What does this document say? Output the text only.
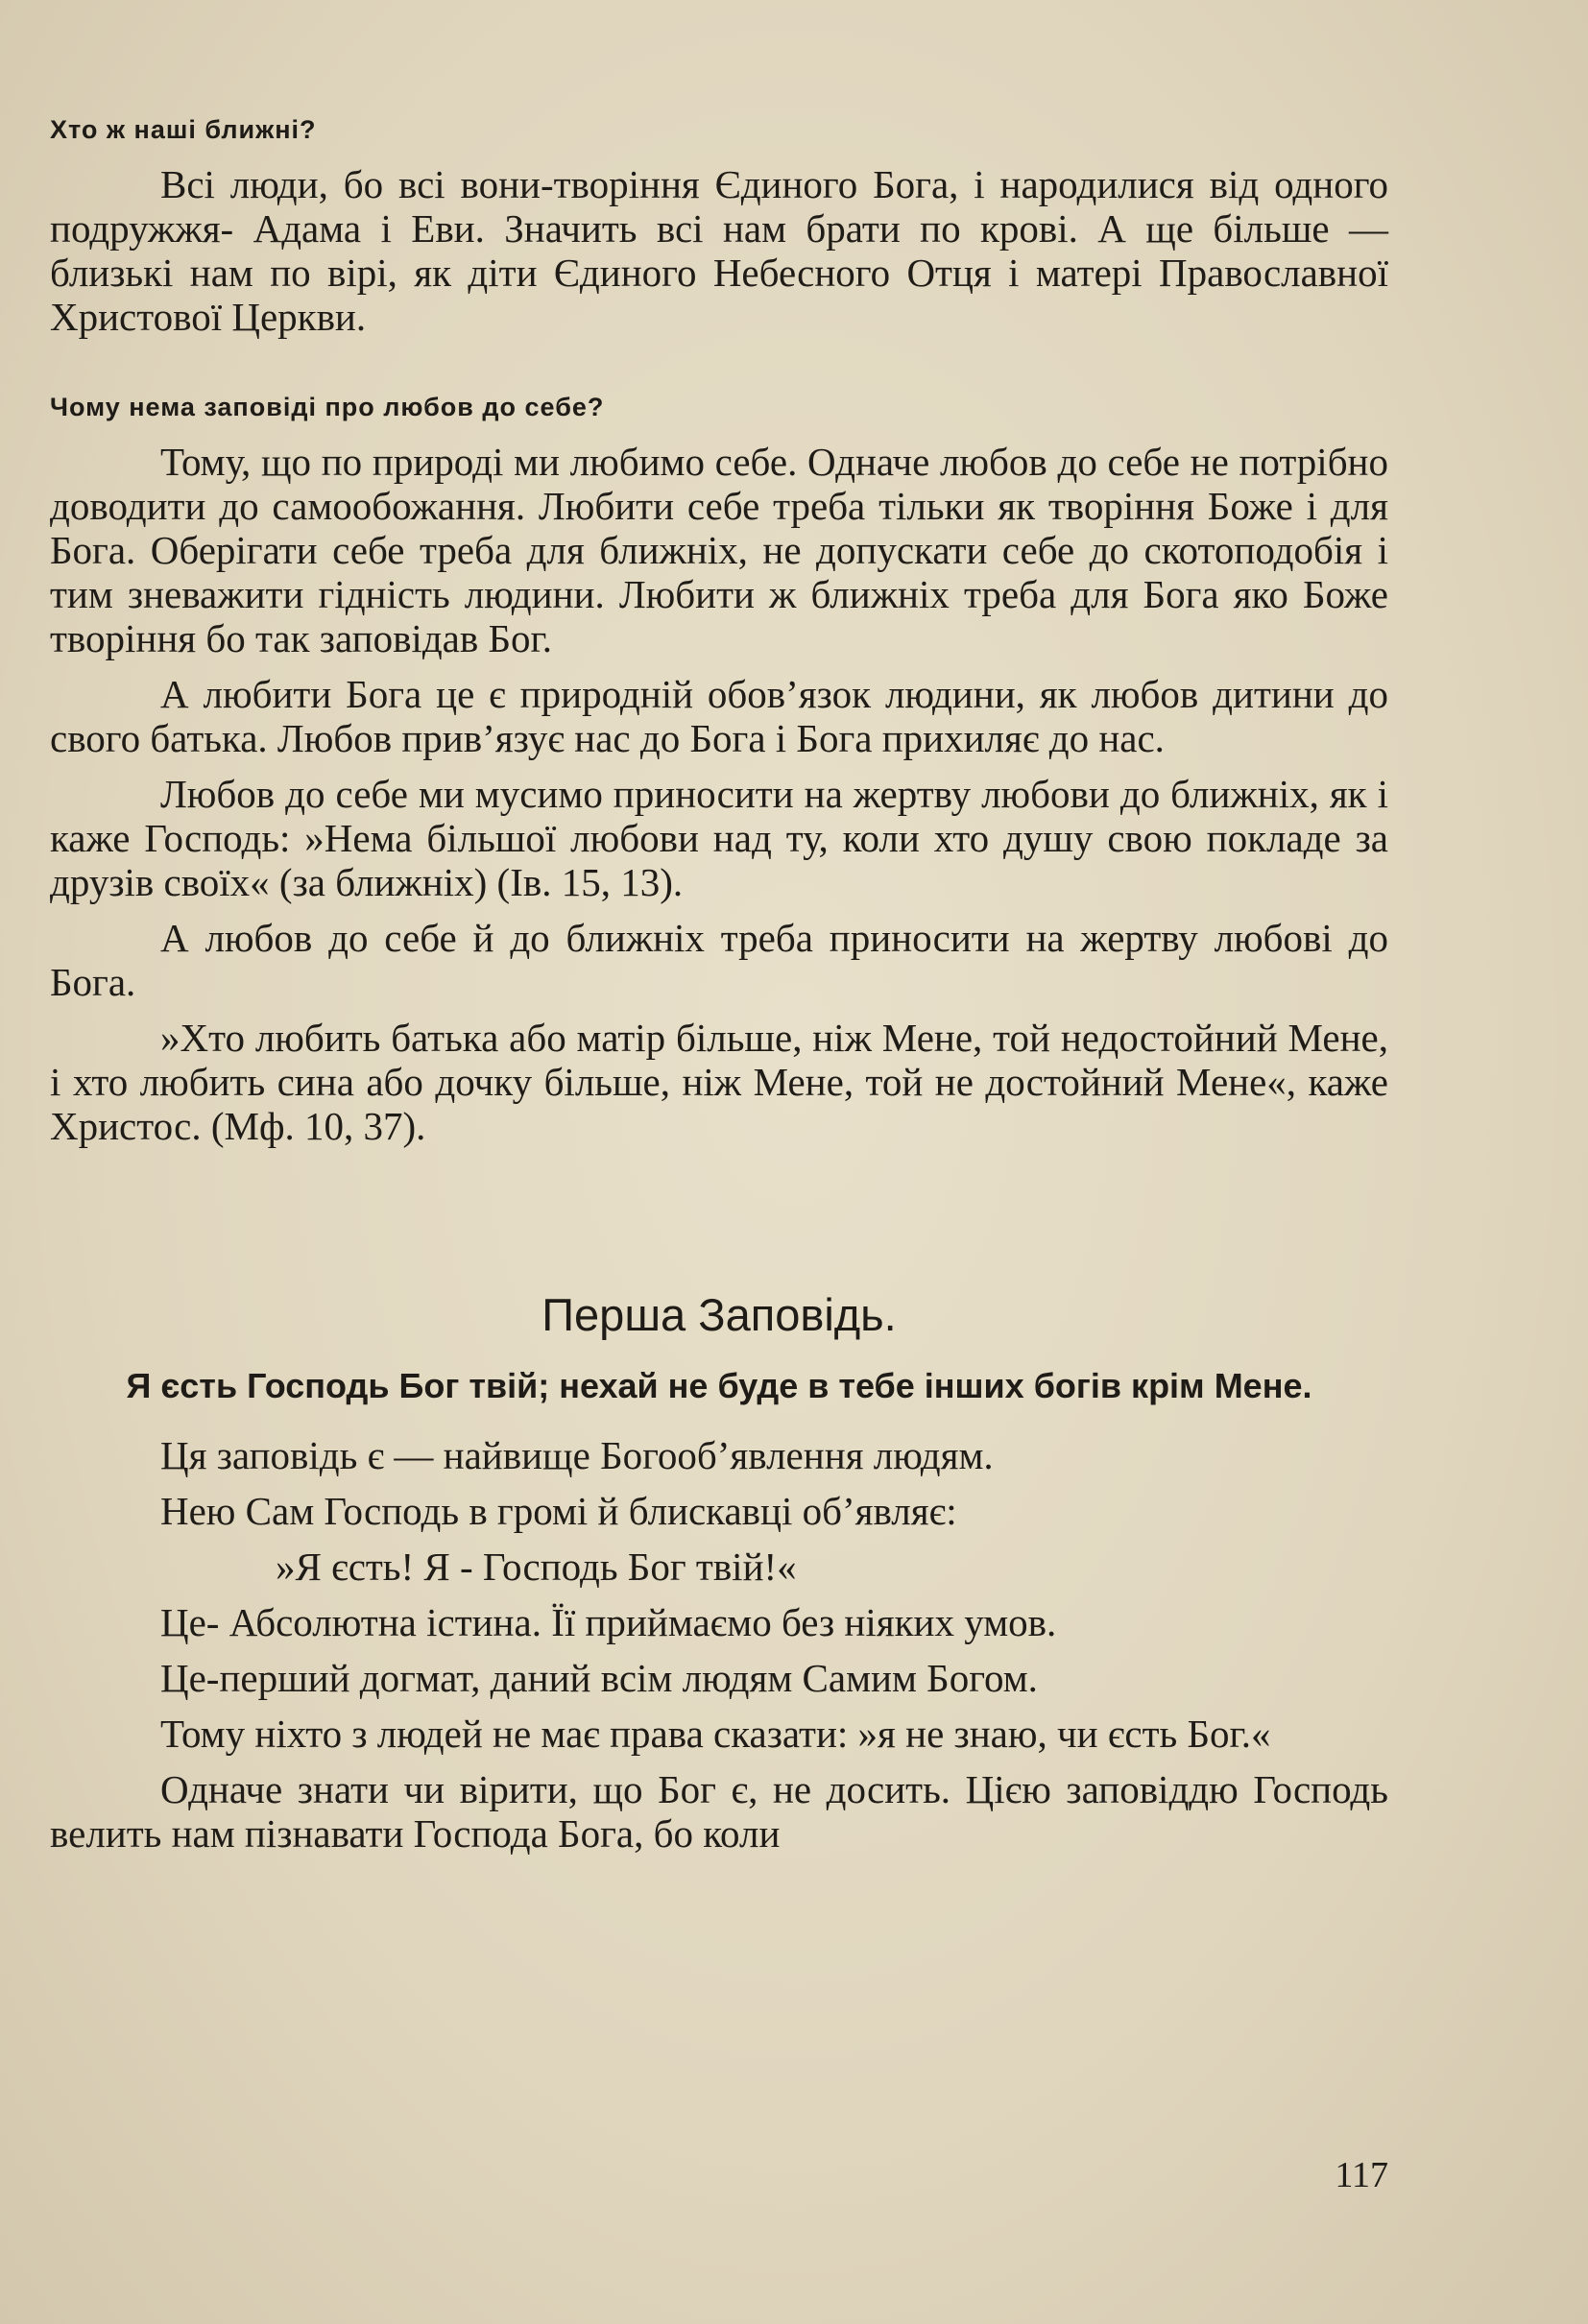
Хто ж наші ближні?

Всі люди, бо всі вони-творіння Єдиного Бога, і народилися від одного подружжя- Адама і Еви. Значить всі нам брати по крові. А ще більше — близькі нам по вірі, як діти Єдиного Небесного Отця і матері Православної Христової Церкви.

Чому нема заповіді про любов до себе?

Тому, що по природі ми любимо себе. Одначе любов до себе не потрібно доводити до самообожання. Любити себе треба тільки як творіння Боже і для Бога. Оберігати себе треба для ближніх, не допускати себе до скотоподобія і тим зневажити гідність людини. Любити ж ближніх треба для Бога яко Боже творіння бо так заповідав Бог.

А любити Бога це є природній обов’язок людини, як любов дитини до свого батька. Любов прив’язує нас до Бога і Бога прихиляє до нас.

Любов до себе ми мусимо приносити на жертву любови до ближніх, як і каже Господь: »Нема більшої любови над ту, коли хто душу свою покладе за друзів своїх« (за ближніх) (Ів. 15, 13).

А любов до себе й до ближніх треба приносити на жертву любові до Бога.

»Хто любить батька або матір більше, ніж Мене, той недостойний Мене, і хто любить сина або дочку більше, ніж Мене, той не достойний Мене«, каже Христос. (Мф. 10, 37).

Перша Заповідь.
Я єсть Господь Бог твій; нехай не буде в тебе інших богів крім Мене.

Ця заповідь є — найвище Богооб’явлення людям.

Нею Сам Господь в громі й блискавці об’являє:

»Я єсть! Я - Господь Бог твій!«

Це- Абсолютна істина. Її приймаємо без ніяких умов.

Це-перший догмат, даний всім людям Самим Богом.

Тому ніхто з людей не має права сказати: »я не знаю, чи єсть Бог.«

Одначе знати чи вірити, що Бог є, не досить. Цією заповіддю Господь велить нам пізнавати Господа Бога, бо коли

117
